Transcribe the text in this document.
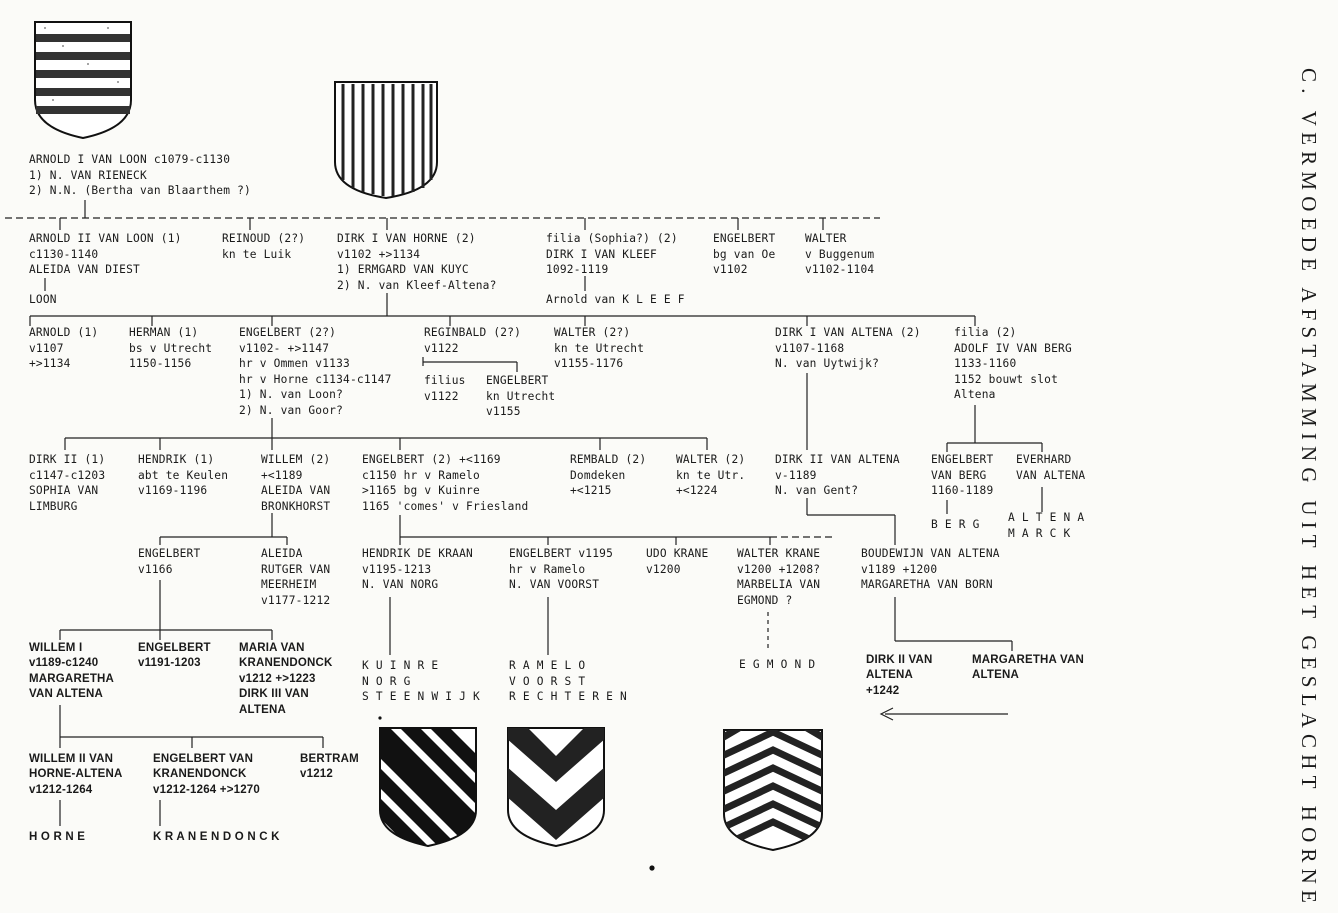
C. VERMOEDE AFSTAMMING UIT HET GESLACHT HORNE
ARNOLD I VAN LOON c1079-c1130
1) N. VAN RIENECK
2) N.N. (Bertha van Blaarthem ?)
ARNOLD II VAN LOON (1)
c1130-1140
ALEIDA VAN DIEST
LOON
REINOUD (2?)
kn te Luik
DIRK I VAN HORNE (2)
v1102 +>1134
1) ERMGARD VAN KUYC
2) N. van Kleef-Altena?
filia (Sophia?) (2)
DIRK I VAN KLEEF
1092-1119
Arnold van K L E E F
ENGELBERT
bg van Oe
v1102
WALTER
v Buggenum
v1102-1104
ARNOLD (1)
v1107
+>1134
HERMAN (1)
bs v Utrecht
1150-1156
ENGELBERT (2?)
v1102- +>1147
hr v Ommen v1133
hr v Horne c1134-c1147
1) N. van Loon?
2) N. van Goor?
REGINBALD (2?)
v1122
filius
v1122
ENGELBERT
kn Utrecht
v1155
WALTER (2?)
kn te Utrecht
v1155-1176
DIRK I VAN ALTENA (2)
v1107-1168
N. van Uytwijk?
filia (2)
ADOLF IV VAN BERG
1133-1160
1152 bouwt slot
Altena
DIRK II (1)
c1147-c1203
SOPHIA VAN
LIMBURG
HENDRIK (1)
abt te Keulen
v1169-1196
WILLEM (2)
+<1189
ALEIDA VAN
BRONKHORST
ENGELBERT (2) +<1169
c1150 hr v Ramelo
>1165 bg v Kuinre
1165 'comes' v Friesland
REMBALD (2)
Domdeken
+<1215
WALTER (2)
kn te Utr.
+<1224
DIRK II VAN ALTENA
v-1189
N. van Gent?
ENGELBERT
VAN BERG
1160-1189
EVERHARD
VAN ALTENA
B E R G
A L T E N A
M A R C K
ENGELBERT
v1166
ALEIDA
RUTGER VAN
MEERHEIM
v1177-1212
HENDRIK DE KRAAN
v1195-1213
N. VAN NORG
ENGELBERT v1195
hr v Ramelo
N. VAN VOORST
UDO KRANE
v1200
WALTER KRANE
v1200 +1208?
MARBELIA VAN
EGMOND ?
BOUDEWIJN VAN ALTENA
v1189 +1200
MARGARETHA VAN BORN
WILLEM I
v1189-c1240
MARGARETHA
VAN ALTENA
ENGELBERT
v1191-1203
MARIA VAN
KRANENDONCK
v1212 +>1223
DIRK III VAN
ALTENA
K U I N R E
N O R G
S T E E N W I J K
R A M E L O
V O O R S T
R E C H T E R E N
E G M O N D	DIRK II VAN
ALTENA
+1242
MARGARETHA VAN
ALTENA
WILLEM II VAN
HORNE-ALTENA
v1212-1264
ENGELBERT VAN
KRANENDONCK
v1212-1264 +>1270
BERTRAM
v1212
H O R N E	K R A N E N D O N C K
